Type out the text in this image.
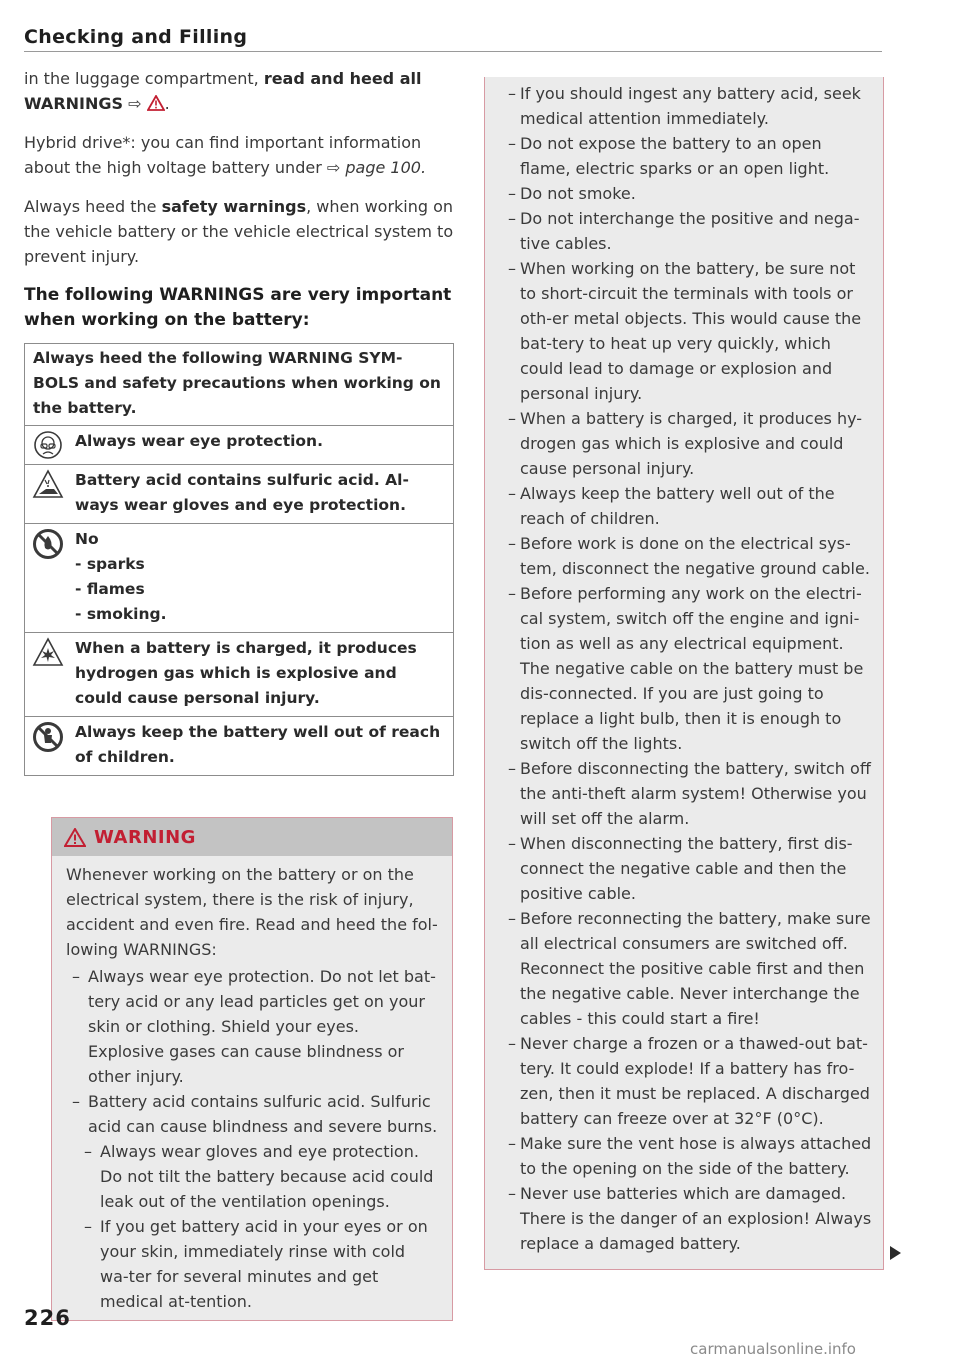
Checking and Filling

in the luggage compartment, read and heed all WARNINGS ⇨ .

Hybrid drive*: you can find important information about the high voltage battery under ⇨ page 100.

Always heed the safety warnings, when working on the vehicle battery or the vehicle electrical system to prevent injury.

The following WARNINGS are very important when working on the battery:
Always heed the following WARNING SYM-BOLS and safety precautions when working on the battery.	

Always wear eye protection.

Battery acid contains sulfuric acid. Al-
ways wear gloves and eye protection.

No
- sparks
- flames
- smoking.

When a battery is charged, it produces
hydrogen gas which is explosive and
could cause personal injury.

Always keep the battery well out of reach
of children.
WARNING

Whenever working on the battery or on the electrical system, there is the risk of injury, accident and even fire. Read and heed the fol-lowing WARNINGS:

– Always wear eye protection. Do not let bat-tery acid or any lead particles get on your skin or clothing. Shield your eyes. Explosive gases can cause blindness or other injury.
– Battery acid contains sulfuric acid. Sulfuric acid can cause blindness and severe burns.
– Always wear gloves and eye protection. Do not tilt the battery because acid could leak out of the ventilation openings.
– If you get battery acid in your eyes or on your skin, immediately rinse with cold wa-ter for several minutes and get medical at-tention.
– If you should ingest any battery acid, seek medical attention immediately.
– Do not expose the battery to an open flame, electric sparks or an open light.
– Do not smoke.
– Do not interchange the positive and nega-tive cables.
– When working on the battery, be sure not to short-circuit the terminals with tools or oth-er metal objects. This would cause the bat-tery to heat up very quickly, which could lead to damage or explosion and personal injury.
– When a battery is charged, it produces hy-drogen gas which is explosive and could cause personal injury.
– Always keep the battery well out of the reach of children.
– Before work is done on the electrical sys-tem, disconnect the negative ground cable.
– Before performing any work on the electri-cal system, switch off the engine and igni-tion as well as any electrical equipment. The negative cable on the battery must be dis-connected. If you are just going to replace a light bulb, then it is enough to switch off the lights.
– Before disconnecting the battery, switch off the anti-theft alarm system! Otherwise you will set off the alarm.
– When disconnecting the battery, first dis-connect the negative cable and then the positive cable.
– Before reconnecting the battery, make sure all electrical consumers are switched off. Reconnect the positive cable first and then the negative cable. Never interchange the cables - this could start a fire!
– Never charge a frozen or a thawed-out bat-tery. It could explode! If a battery has fro-zen, then it must be replaced. A discharged battery can freeze over at 32°F (0°C).
– Make sure the vent hose is always attached to the opening on the side of the battery.
– Never use batteries which are damaged. There is the danger of an explosion! Always replace a damaged battery.
226
carmanualsonline.info
